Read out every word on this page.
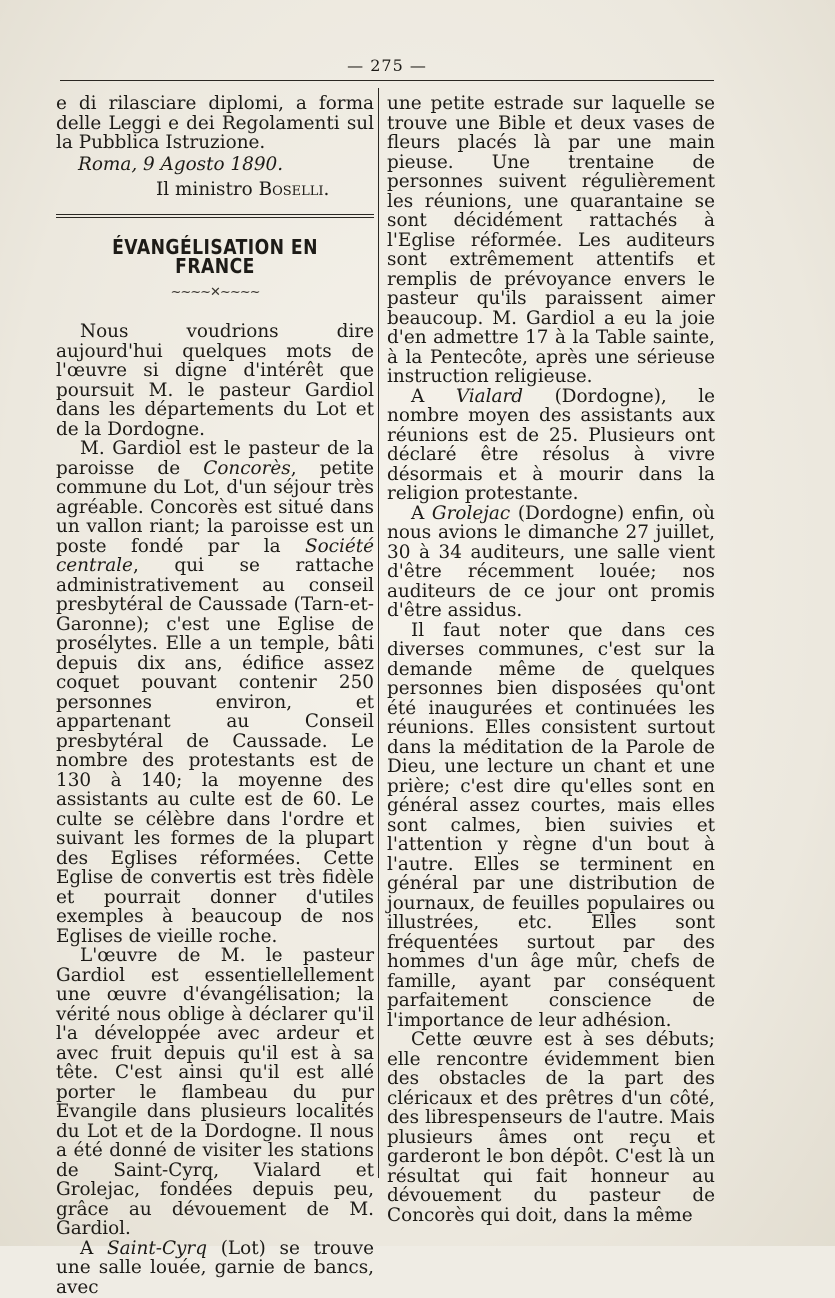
— 275 —

e di rilasciare diplomi, a forma delle Leggi e dei Regolamenti sul la Pubblica Istruzione.

Roma, 9 Agosto 1890.

Il ministro Boselli.

ÉVANGÉLISATION EN FRANCE
~~~~✕~~~~

Nous voudrions dire aujourd'hui quelques mots de l'œuvre si digne d'intérêt que poursuit M. le pasteur Gardiol dans les départements du Lot et de la Dordogne.

M. Gardiol est le pasteur de la paroisse de Concorès, petite commune du Lot, d'un séjour très agréable. Concorès est situé dans un vallon riant; la paroisse est un poste fondé par la Société centrale, qui se rattache administrativement au conseil presbytéral de Caussade (Tarn-et-Garonne); c'est une Eglise de prosélytes. Elle a un temple, bâti depuis dix ans, édifice assez coquet pouvant contenir 250 personnes environ, et appartenant au Conseil presbytéral de Caussade. Le nombre des protestants est de 130 à 140; la moyenne des assistants au culte est de 60. Le culte se célèbre dans l'ordre et suivant les formes de la plupart des Eglises réformées. Cette Eglise de convertis est très fidèle et pourrait donner d'utiles exemples à beaucoup de nos Eglises de vieille roche.

L'œuvre de M. le pasteur Gardiol est essentiellellement une œuvre d'évangélisation; la vérité nous oblige à déclarer qu'il l'a développée avec ardeur et avec fruit depuis qu'il est à sa tête. C'est ainsi qu'il est allé porter le flambeau du pur Evangile dans plusieurs localités du Lot et de la Dordogne. Il nous a été donné de visiter les stations de Saint-Cyrq, Vialard et Grolejac, fondées depuis peu, grâce au dévouement de M. Gardiol.

A Saint-Cyrq (Lot) se trouve une salle louée, garnie de bancs, avec

une petite estrade sur laquelle se trouve une Bible et deux vases de fleurs placés là par une main pieuse. Une trentaine de personnes suivent régulièrement les réunions, une quarantaine se sont décidément rattachés à l'Eglise réformée. Les auditeurs sont extrêmement attentifs et remplis de prévoyance envers le pasteur qu'ils paraissent aimer beaucoup. M. Gardiol a eu la joie d'en admettre 17 à la Table sainte, à la Pentecôte, après une sérieuse instruction religieuse.

A Vialard (Dordogne), le nombre moyen des assistants aux réunions est de 25. Plusieurs ont déclaré être résolus à vivre désormais et à mourir dans la religion protestante.

A Grolejac (Dordogne) enfin, où nous avions le dimanche 27 juillet, 30 à 34 auditeurs, une salle vient d'être récemment louée; nos auditeurs de ce jour ont promis d'être assidus.

Il faut noter que dans ces diverses communes, c'est sur la demande même de quelques personnes bien disposées qu'ont été inaugurées et continuées les réunions. Elles consistent surtout dans la méditation de la Parole de Dieu, une lecture un chant et une prière; c'est dire qu'elles sont en général assez courtes, mais elles sont calmes, bien suivies et l'attention y règne d'un bout à l'autre. Elles se terminent en général par une distribution de journaux, de feuilles populaires ou illustrées, etc. Elles sont fréquentées surtout par des hommes d'un âge mûr, chefs de famille, ayant par conséquent parfaitement conscience de l'importance de leur adhésion.

Cette œuvre est à ses débuts; elle rencontre évidemment bien des obstacles de la part des cléricaux et des prêtres d'un côté, des librespenseurs de l'autre. Mais plusieurs âmes ont reçu et garderont le bon dépôt. C'est là un résultat qui fait honneur au dévouement du pasteur de Concorès qui doit, dans la même
